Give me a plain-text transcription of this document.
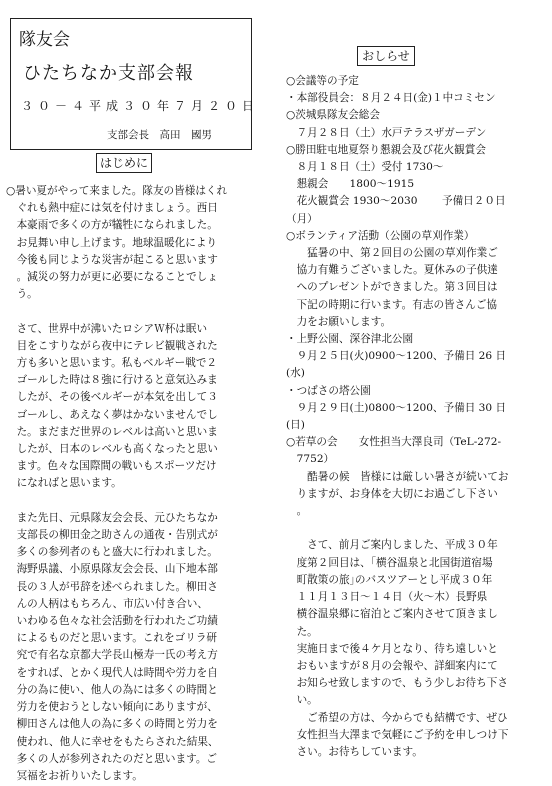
隊友会
ひたちなか支部会報
３０－４平成３０年７月２０日
支部会長　高田　國男
はじめに
○暑い夏がやって来ました。隊友の皆様はくれ
　ぐれも熱中症には気を付けましょう。西日
　本豪雨で多くの方が犠牲になられました。
　お見舞い申し上げます。地球温暖化により
　今後も同じような災害が起こると思います
　。減災の努力が更に必要になることでしょ
　う。

　さて、世界中が沸いたロシアＷ杯は眠い
　目をこすりながら夜中にテレビ観戦された
　方も多いと思います。私もベルギー戦で２
　ゴールした時は８強に行けると意気込みま
　したが、その後ベルギーが本気を出して３
　ゴールし、あえなく夢はかないませんでし
　た。まだまだ世界のレベルは高いと思いま
　したが、日本のレベルも高くなったと思い
　ます。色々な国際間の戦いもスポーツだけ
　になればと思います。

　また先日、元県隊友会会長、元ひたちなか
　支部長の柳田金之助さんの通夜・告別式が
　多くの参列者のもと盛大に行われました。
　海野県議、小原県隊友会会長、山下地本部
　長の３人が弔辞を述べられました。柳田さ
　んの人柄はもちろん、市広い付き合い、
　いわゆる色々な社会活動を行われたご功績
　によるものだと思います。これをゴリラ研
　究で有名な京都大学長山極寿一氏の考え方
　をすれば、とかく現代人は時間や労力を自
　分の為に使い、他人の為には多くの時間と
　労力を使おうとしない傾向にありますが、
　柳田さんは他人の為に多くの時間と労力を
　使われ、他人に幸せをもたらされた結果、
　多くの人が参列されたのだと思います。ご
　冥福をお祈りいたします。
おしらせ
○会議等の予定
・本部役員会：８月２４日(金)１中コミセン
○茨城県隊友会総会
　７月２８日（土）水戸テラスザガーデン
○勝田駐屯地夏祭り懇親会及び花火観賞会
　８月１８日（土）受付 1730～
　懇親会　　1800～1915
　花火観賞会 1930～2030　　 予備日２０日
（月）
○ボランティア活動（公園の草刈作業）
　　猛暑の中、第２回目の公園の草刈作業ご
　協力有難うございました。夏休みの子供達
　へのプレゼントができました。第３回目は
　下記の時期に行います。有志の皆さんご協
　力をお願いします。
・上野公園、深谷津北公園
　９月２５日(火)0900～1200、予備日 26 日
(水)
・つばさの塔公園
　９月２９日(土)0800～1200、予備日 30 日
(日)
○若草の会　　女性担当大澤良司（TeL-272-
　7752）
　　酷暑の候　皆様には厳しい暑さが続いてお
　りますが、お身体を大切にお過ごし下さい
　。

　　さて、前月ご案内しました、平成３０年
　度第２回目は、｢横谷温泉と北国街道宿場
　町散策の旅｣のバスツアーとし平成３０年
　１１月１３日～１４日（火～木）長野県
　横谷温泉郷に宿泊とご案内させて頂きまし
　た。
　実施日まで後４ケ月となり、待ち遠しいと
　おもいますが８月の会報や、詳細案内にて
　お知らせ致しますので、もう少しお待ち下さ
　い。
　　ご希望の方は、今からでも結構です、ぜひ
　女性担当大澤まで気軽にご予約を申しつけ下
　さい。お待ちしています。
